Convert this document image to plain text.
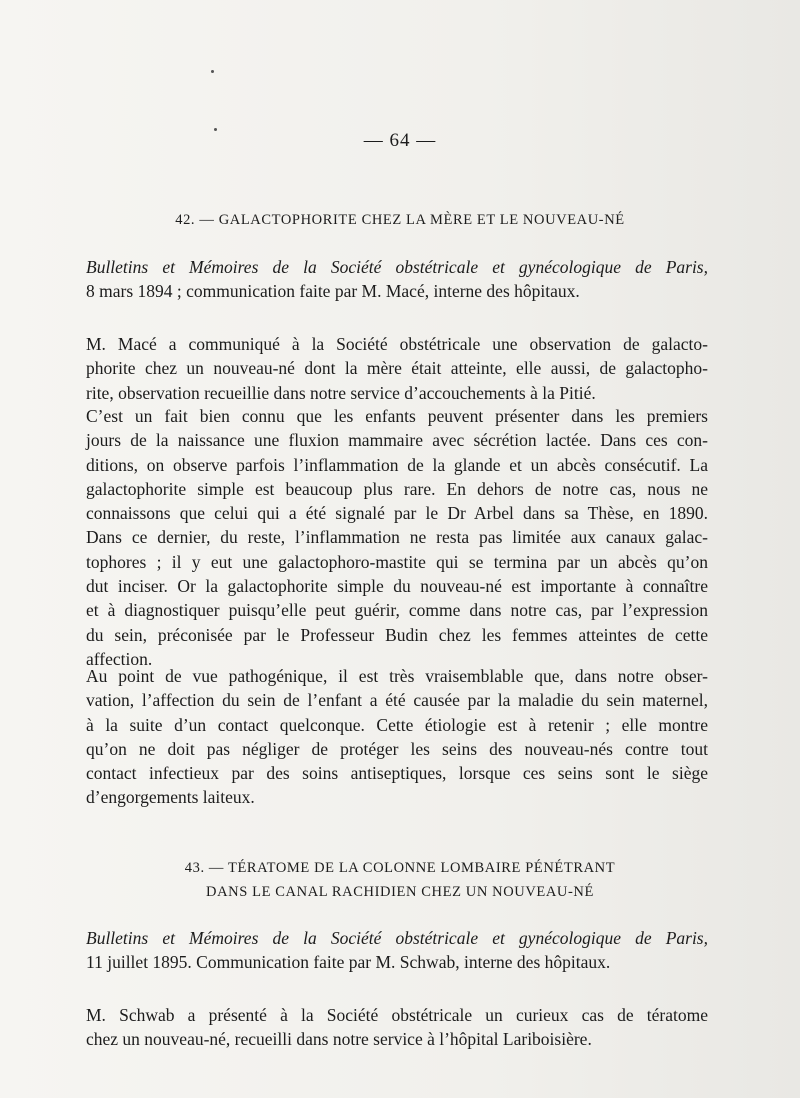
— 64 —
42. — GALACTOPHORITE CHEZ LA MÈRE ET LE NOUVEAU-NÉ
Bulletins et Mémoires de la Société obstétricale et gynécologique de Paris,
8 mars 1894 ; communication faite par M. Macé, interne des hôpitaux.
M. Macé a communiqué à la Société obstétricale une observation de galacto-
phorite chez un nouveau-né dont la mère était atteinte, elle aussi, de galactopho-
rite, observation recueillie dans notre service d’accouchements à la Pitié.
C’est un fait bien connu que les enfants peuvent présenter dans les premiers
jours de la naissance une fluxion mammaire avec sécrétion lactée. Dans ces con-
ditions, on observe parfois l’inflammation de la glande et un abcès consécutif. La
galactophorite simple est beaucoup plus rare. En dehors de notre cas, nous ne
connaissons que celui qui a été signalé par le Dr Arbel dans sa Thèse, en 1890.
Dans ce dernier, du reste, l’inflammation ne resta pas limitée aux canaux galac-
tophores ; il y eut une galactophoro-mastite qui se termina par un abcès qu’on
dut inciser. Or la galactophorite simple du nouveau-né est importante à connaître
et à diagnostiquer puisqu’elle peut guérir, comme dans notre cas, par l’expression
du sein, préconisée par le Professeur Budin chez les femmes atteintes de cette
affection.
Au point de vue pathogénique, il est très vraisemblable que, dans notre obser-
vation, l’affection du sein de l’enfant a été causée par la maladie du sein maternel,
à la suite d’un contact quelconque. Cette étiologie est à retenir ; elle montre
qu’on ne doit pas négliger de protéger les seins des nouveau-nés contre tout
contact infectieux par des soins antiseptiques, lorsque ces seins sont le siège
d’engorgements laiteux.
43. — TÉRATOME DE LA COLONNE LOMBAIRE PÉNÉTRANT
DANS LE CANAL RACHIDIEN CHEZ UN NOUVEAU-NÉ
Bulletins et Mémoires de la Société obstétricale et gynécologique de Paris,
11 juillet 1895. Communication faite par M. Schwab, interne des hôpitaux.
M. Schwab a présenté à la Société obstétricale un curieux cas de tératome
chez un nouveau-né, recueilli dans notre service à l’hôpital Lariboisière.
